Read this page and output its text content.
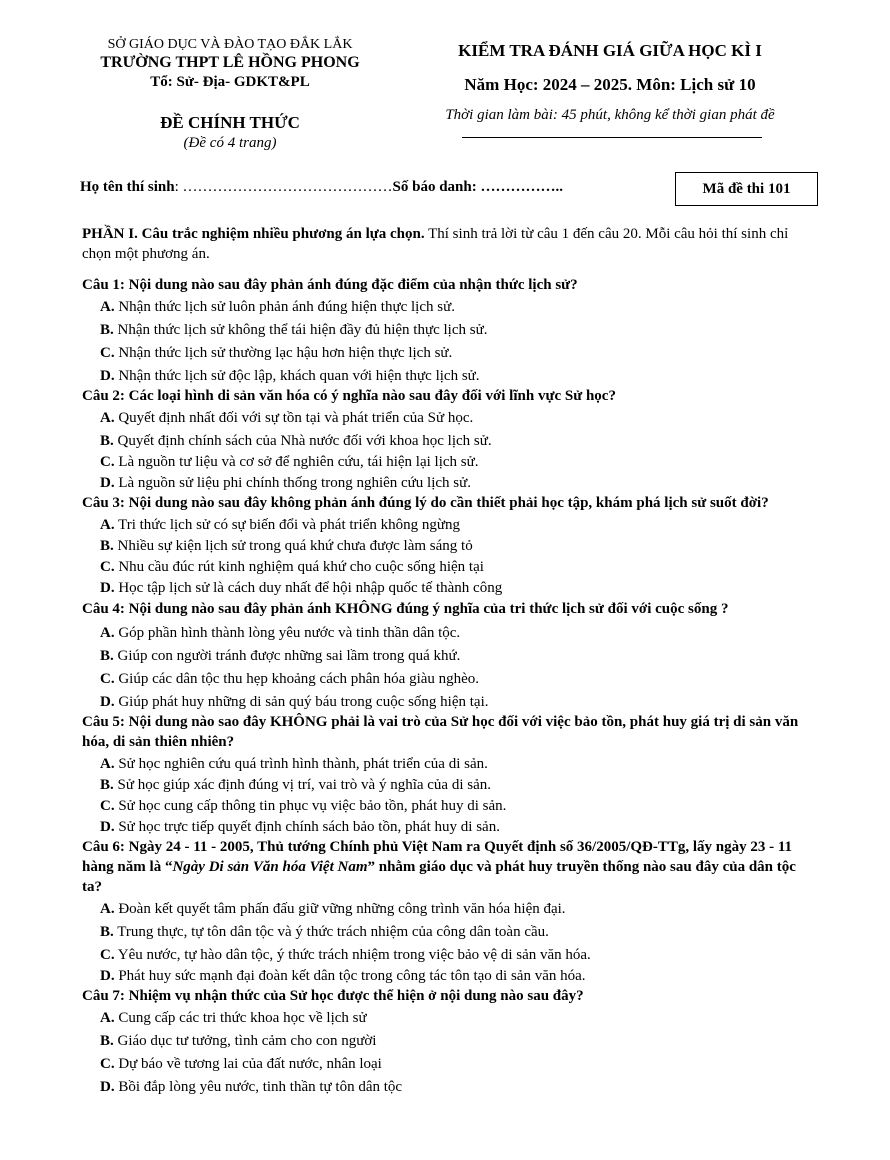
SỞ GIÁO DỤC VÀ ĐÀO TẠO ĐẮK LẮK
TRƯỜNG THPT LÊ HỒNG PHONG
Tổ: Sử- Địa- GDKT&PL
ĐỀ CHÍNH THỨC
(Đề có 4 trang)
KIỂM TRA ĐÁNH GIÁ GIỮA HỌC KÌ I
Năm Học: 2024 – 2025. Môn: Lịch sử 10
Thời gian làm bài: 45 phút, không kể thời gian phát đề
Họ tên thí sinh: ……………………………………Số báo danh: ……………..	Mã đề thi 101
PHẦN I. Câu trắc nghiệm nhiều phương án lựa chọn. Thí sinh trả lời từ câu 1 đến câu 20. Mỗi câu hỏi thí sinh chỉ chọn một phương án.
Câu 1: Nội dung nào sau đây phản ánh đúng đặc điểm của nhận thức lịch sử?
A. Nhận thức lịch sử luôn phản ánh đúng hiện thực lịch sử.
B. Nhận thức lịch sử không thể tái hiện đầy đủ hiện thực lịch sử.
C. Nhận thức lịch sử thường lạc hậu hơn hiện thực lịch sử.
D. Nhận thức lịch sử độc lập, khách quan với hiện thực lịch sử.
Câu 2: Các loại hình di sản văn hóa có ý nghĩa nào sau đây đối với lĩnh vực Sử học?
A. Quyết định nhất đối với sự tồn tại và phát triển của Sử học.
B. Quyết định chính sách của Nhà nước đối với khoa học lịch sử.
C. Là nguồn tư liệu và cơ sở để nghiên cứu, tái hiện lại lịch sử.
D. Là nguồn sử liệu phi chính thống trong nghiên cứu lịch sử.
Câu 3: Nội dung nào sau đây không phản ánh đúng lý do cần thiết phải học tập, khám phá lịch sử suốt đời?
A. Tri thức lịch sử có sự biến đổi và phát triển không ngừng
B. Nhiều sự kiện lịch sử trong quá khứ chưa được làm sáng tỏ
C. Nhu cầu đúc rút kinh nghiệm quá khứ cho cuộc sống hiện tại
D. Học tập lịch sử là cách duy nhất để hội nhập quốc tế thành công
Câu 4: Nội dung nào sau đây phản ánh KHÔNG đúng ý nghĩa của tri thức lịch sử đối với cuộc sống ?
A. Góp phần hình thành lòng yêu nước và tinh thần dân tộc.
B. Giúp con người tránh được những sai lầm trong quá khứ.
C. Giúp các dân tộc thu hẹp khoảng cách phân hóa giàu nghèo.
D. Giúp phát huy những di sản quý báu trong cuộc sống hiện tại.
Câu 5: Nội dung nào sao đây KHÔNG phải là vai trò của Sử học đối với việc bảo tồn, phát huy giá trị di sản văn hóa, di sản thiên nhiên?
A. Sử học nghiên cứu quá trình hình thành, phát triển của di sản.
B. Sử học giúp xác định đúng vị trí, vai trò và ý nghĩa của di sản.
C. Sử học cung cấp thông tin phục vụ việc bảo tồn, phát huy di sản.
D. Sử học trực tiếp quyết định chính sách bảo tồn, phát huy di sản.
Câu 6: Ngày 24 - 11 - 2005, Thủ tướng Chính phủ Việt Nam ra Quyết định số 36/2005/QĐ-TTg, lấy ngày 23 - 11 hàng năm là “Ngày Di sản Văn hóa Việt Nam” nhằm giáo dục và phát huy truyền thống nào sau đây của dân tộc ta?
A. Đoàn kết quyết tâm phấn đấu giữ vững những công trình văn hóa hiện đại.
B. Trung thực, tự tôn dân tộc và ý thức trách nhiệm của công dân toàn cầu.
C. Yêu nước, tự hào dân tộc, ý thức trách nhiệm trong việc bảo vệ di sản văn hóa.
D. Phát huy sức mạnh đại đoàn kết dân tộc trong công tác tôn tạo di sản văn hóa.
Câu 7: Nhiệm vụ nhận thức của Sử học được thể hiện ở nội dung nào sau đây?
A. Cung cấp các tri thức khoa học về lịch sử
B. Giáo dục tư tưởng, tình cảm cho con người
C. Dự báo về tương lai của đất nước, nhân loại
D. Bồi đắp lòng yêu nước, tinh thần tự tôn dân tộc
